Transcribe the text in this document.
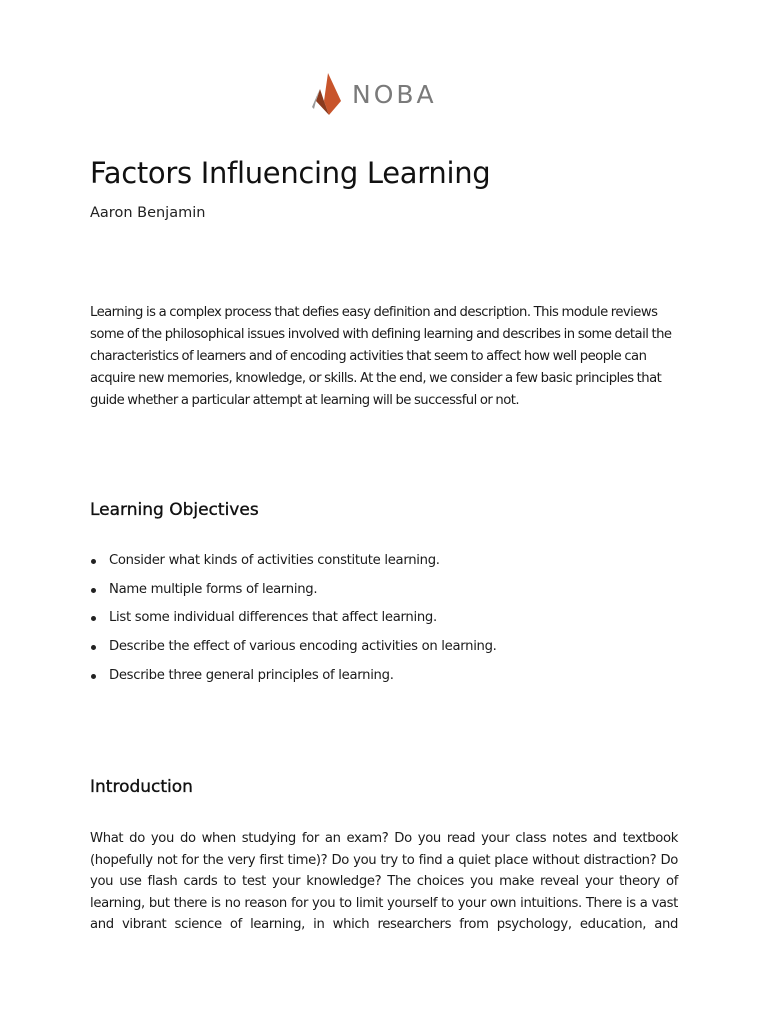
NOBA
Factors Influencing Learning

Aaron Benjamin

Learning is a complex process that defies easy definition and description. This module reviews some of the philosophical issues involved with defining learning and describes in some detail the characteristics of learners and of encoding activities that seem to affect how well people can acquire new memories, knowledge, or skills. At the end, we consider a few basic principles that guide whether a particular attempt at learning will be successful or not.

Learning Objectives
Consider what kinds of activities constitute learning.
Name multiple forms of learning.
List some individual differences that affect learning.
Describe the effect of various encoding activities on learning.
Describe three general principles of learning.
Introduction

What do you do when studying for an exam? Do you read your class notes and textbook (hopefully not for the very first time)? Do you try to find a quiet place without distraction? Do you use flash cards to test your knowledge? The choices you make reveal your theory of learning, but there is no reason for you to limit yourself to your own intuitions. There is a vast and vibrant science of learning, in which researchers from psychology, education, and
